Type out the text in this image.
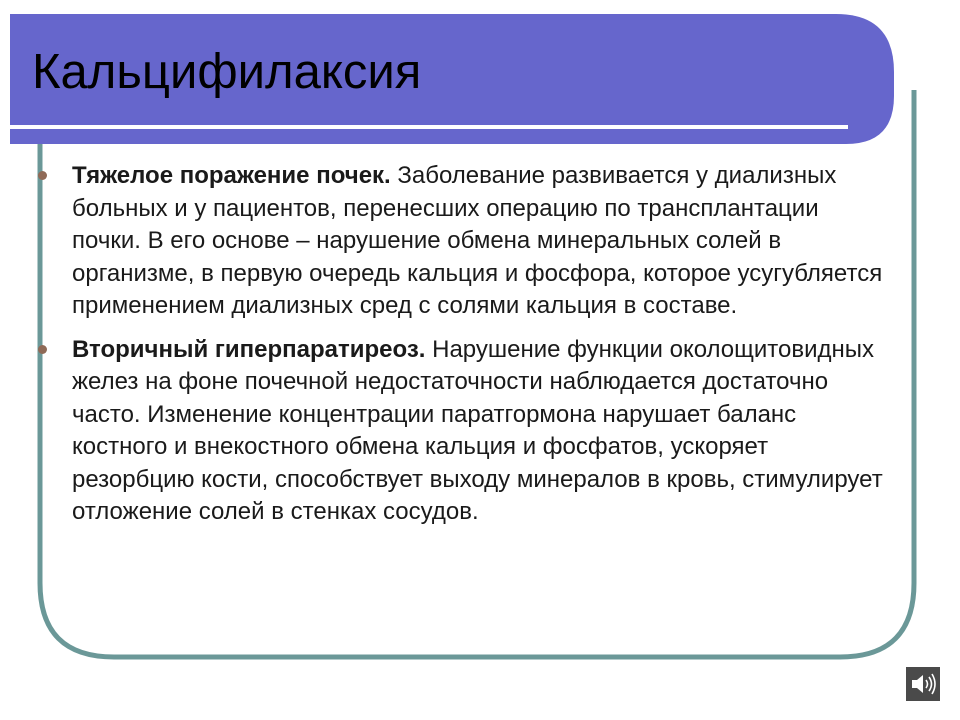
Кальцифилаксия
Тяжелое поражение почек. Заболевание развивается у диализных больных и у пациентов, перенесших операцию по трансплантации почки. В его основе – нарушение обмена минеральных солей в организме, в первую очередь кальция и фосфора, которое усугубляется применением диализных сред с солями кальция в составе.
Вторичный гиперпаратиреоз. Нарушение функции околощитовидных желез на фоне почечной недостаточности наблюдается достаточно часто. Изменение концентрации паратгормона нарушает баланс костного и внекостного обмена кальция и фосфатов, ускоряет резорбцию кости, способствует выходу минералов в кровь, стимулирует отложение солей в стенках сосудов.
